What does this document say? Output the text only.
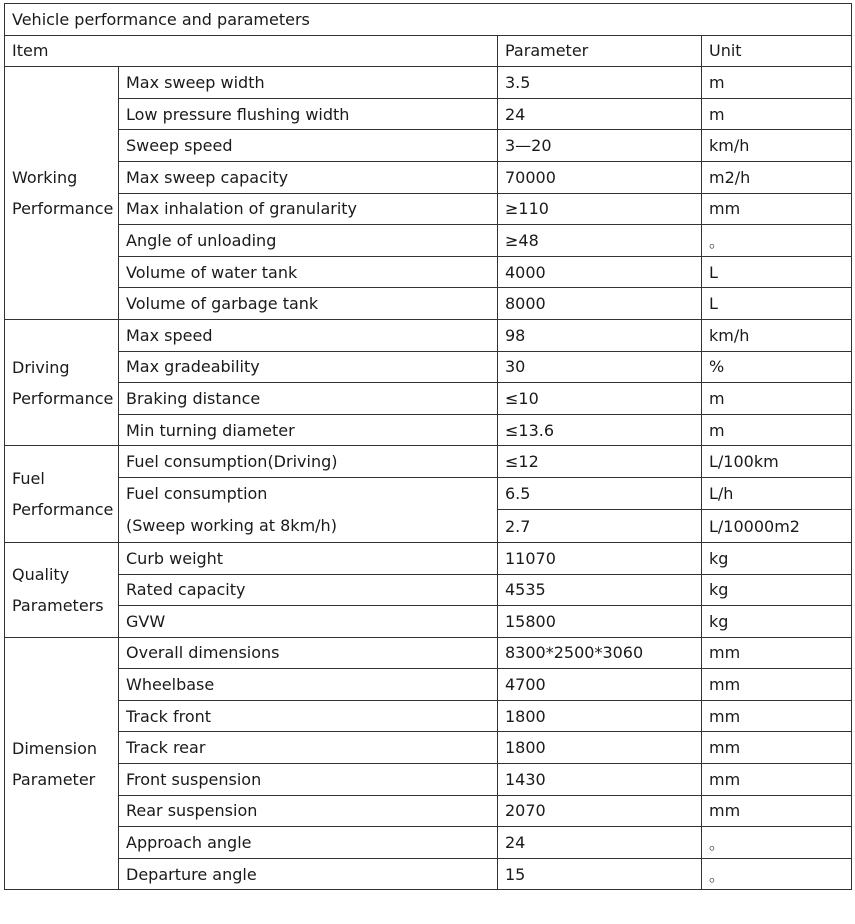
Vehicle performance and parameters			
Item		Parameter	Unit
Working
Performance	Max sweep width	3.5	m
	Low pressure flushing width	24	m
	Sweep speed	3—20	km/h
	Max sweep capacity	70000	m2/h
	Max inhalation of granularity	≥110	mm
	Angle of unloading	≥48	。
	Volume of water tank	4000	L
	Volume of garbage tank	8000	L
Driving
Performance	Max speed	98	km/h
	Max gradeability	30	%
	Braking distance	≤10	m
	Min turning diameter	≤13.6	m
Fuel
Performance	Fuel consumption(Driving)	≤12	L/100km
	Fuel consumption
(Sweep working at 8km/h)	6.5	L/h
		2.7	L/10000m2
Quality
Parameters	Curb weight	11070	kg
	Rated capacity	4535	kg
	GVW	15800	kg
Dimension
Parameter	Overall dimensions	8300*2500*3060	mm
	Wheelbase	4700	mm
	Track front	1800	mm
	Track rear	1800	mm
	Front suspension	1430	mm
	Rear suspension	2070	mm
	Approach angle	24	。
	Departure angle	15	。
